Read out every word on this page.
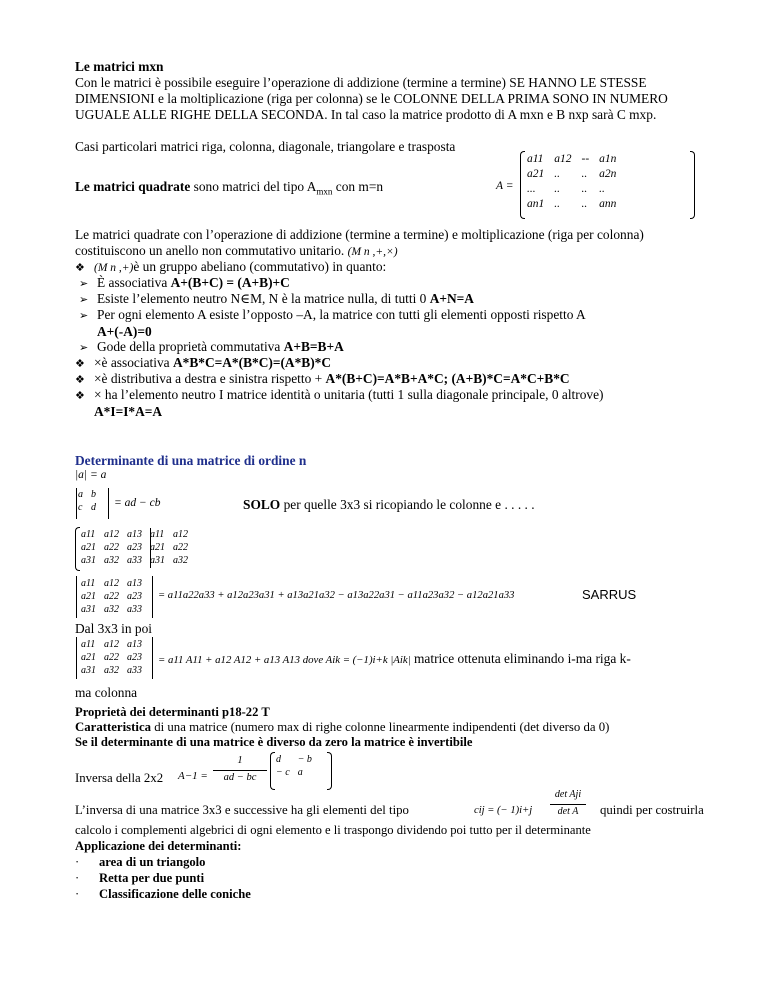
Le matrici mxn
Con le matrici è possibile eseguire l’operazione di addizione (termine a termine) SE HANNO LE STESSE DIMENSIONI e la moltiplicazione (riga per colonna) se le COLONNE DELLA PRIMA SONO IN NUMERO UGUALE ALLE RIGHE DELLA SECONDA. In tal caso la matrice prodotto di A mxn e B nxp sarà C mxp.
Casi particolari matrici riga, colonna, diagonale, triangolare e trasposta
Le matrici quadrate sono matrici del tipo $A_{mxn}$ con m=n	A =
a11	a12	--	a1n
a21	..	..	a2n
...	..	..	..
an1	..	..	ann
Le matrici quadrate con l’operazione di addizione (termine a termine) e moltiplicazione (riga per colonna) costituiscono un anello non commutativo unitario. (M n ,+,×)
❖ (M n ,+)è un gruppo abeliano (commutativo) in quanto:
➢ È associativa A+(B+C) = (A+B)+C
➢ Esiste l’elemento neutro N∈M, N è la matrice nulla, di tutti 0 A+N=A
➢ Per ogni elemento A esiste l’opposto –A, la matrice con tutti gli elementi opposti rispetto A
A+(-A)=0
➢ Gode della proprietà commutativa A+B=B+A
❖ ×è associativa A*B*C=A*(B*C)=(A*B)*C
❖ ×è distributiva a destra e sinistra rispetto + A*(B+C)=A*B+A*C; (A+B)*C=A*C+B*C
❖ × ha l’elemento neutro I matrice identità o unitaria (tutti 1 sulla diagonale principale, 0 altrove)
A*I=I*A=A
Determinante di una matrice di ordine n
|a| = a
a	b
c	d = ad − cb	SOLO per quelle 3x3 si ricopiando le colonne e . . . . .
a11	a12	a13	a11	a12
a21	a22	a23	a21	a22
a31	a32	a33	a31	a32
a11	a12	a13
a21	a22	a23
a31	a32	a33
= a11a22a33 + a12a23a31 + a13a21a32 − a13a22a31 − a11a23a32 − a12a21a33	SARRUS
Dal 3x3 in poi
a11	a12	a13
a21	a22	a23
a31	a32	a33
= a11 A11 + a12 A12 + a13 A13 dove Aik = (−1)i+k |Aik| matrice ottenuta eliminando i-ma riga k-
ma colonna
Proprietà dei determinanti p18-22 T
Caratteristica di una matrice (numero max di righe colonne linearmente indipendenti (det diverso da 0)
Se il determinante di una matrice è diverso da zero la matrice è invertibile
Inversa della 2x2 A−1 =
1
ad − bc
d	− b
− c	a
L’inversa di una matrice 3x3 e successive ha gli elementi del tipo	cij = (− 1)i+j
det Aji
det A	quindi per costruirla
calcolo i complementi algebrici di ogni elemento e li traspongo dividendo poi tutto per il determinante
Applicazione dei determinanti:
· area di un triangolo
· Retta per due punti
· Classificazione delle coniche
